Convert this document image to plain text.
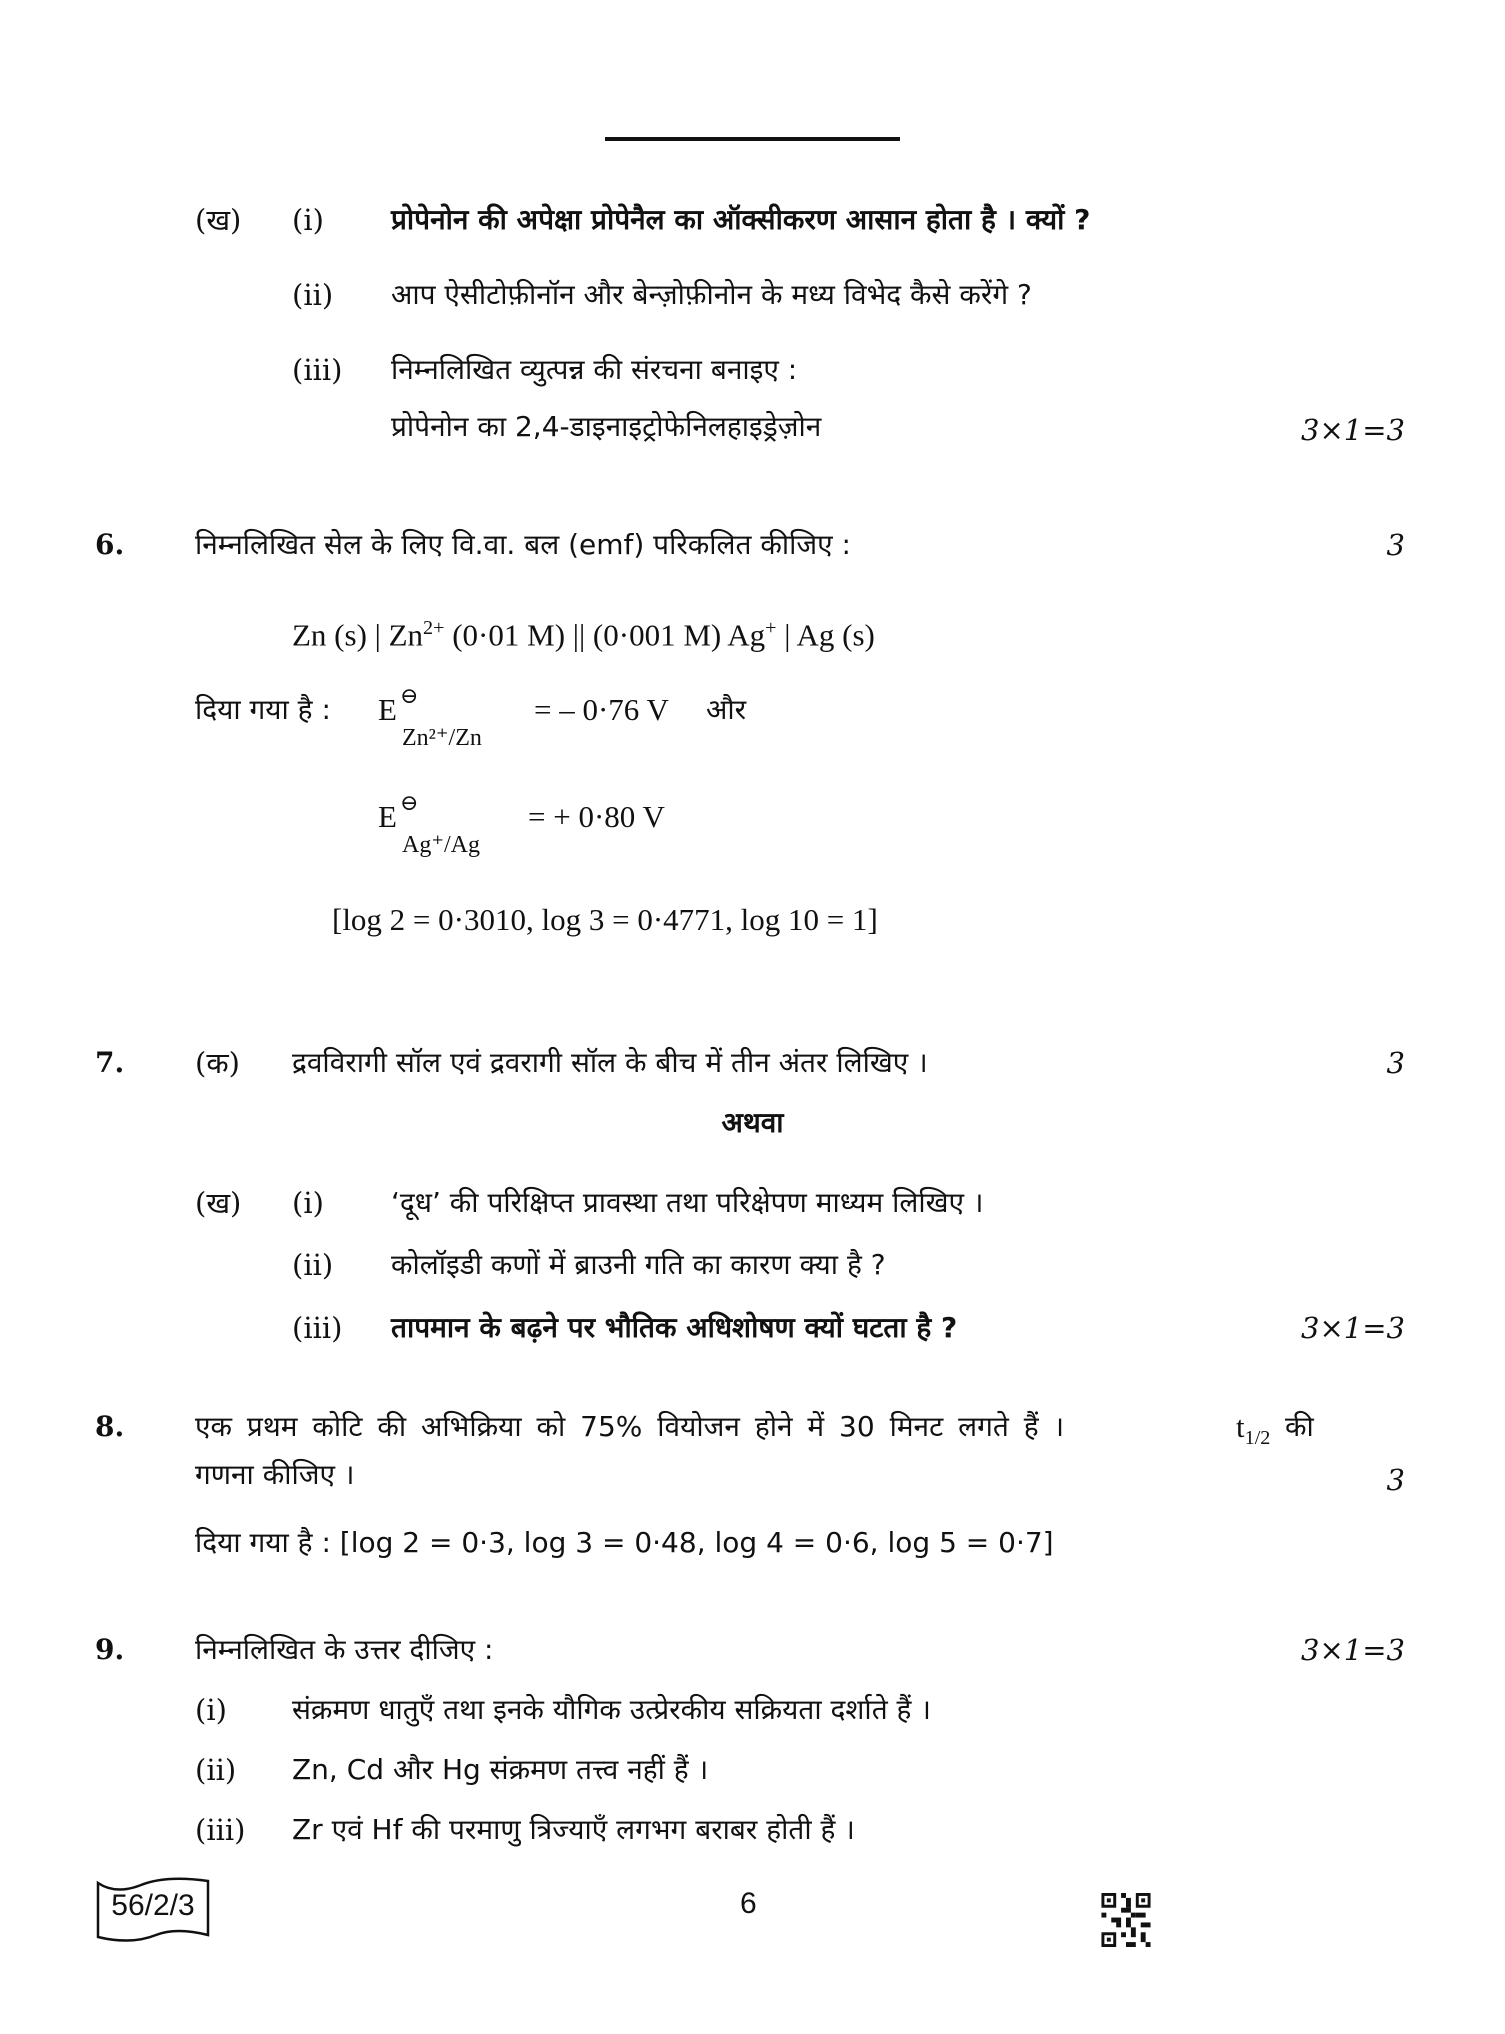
(ख) (i) प्रोपेनोन की अपेक्षा प्रोपेनैल का ऑक्सीकरण आसान होता है । क्यों ?
(ii) आप ऐसीटोफ़ीनॉन और बेन्ज़ोफ़ीनोन के मध्य विभेद कैसे करेंगे ?
(iii) निम्नलिखित व्युत्पन्न की संरचना बनाइए :
प्रोपेनोन का 2,4-डाइनाइट्रोफेनिलहाइड्रेज़ोन	3×1=3
6.	निम्नलिखित सेल के लिए वि.वा. बल (emf) परिकलित कीजिए :	3
Zn (s) | $Zn^{2+}$ (0·01 M) || (0·001 M) Ag+ | Ag (s)
दिया गया है : E ⊖
Zn²⁺/Zn
= – 0·76 V और
E ⊖
Ag⁺/Ag
= + 0·80 V
[log 2 = 0·3010, log 3 = 0·4771, log 10 = 1]
7. (क) द्रवविरागी सॉल एवं द्रवरागी सॉल के बीच में तीन अंतर लिखिए ।	3
अथवा
(ख) (i) ‘दूध’ की परिक्षिप्त प्रावस्था तथा परिक्षेपण माध्यम लिखिए ।
(ii) कोलॉइडी कणों में ब्राउनी गति का कारण क्या है ?
(iii) तापमान के बढ़ने पर भौतिक अधिशोषण क्यों घटता है ?	3×1=3
8.	एक प्रथम कोटि की अभिक्रिया को 75% वियोजन होने में 30 मिनट लगते हैं ।	$t_{1/2}$ की
गणना कीजिए ।	3
दिया गया है : [log 2 = 0·3, log 3 = 0·48, log 4 = 0·6, log 5 = 0·7]
9.	निम्नलिखित के उत्तर दीजिए :	3×1=3
(i) संक्रमण धातुएँ तथा इनके यौगिक उत्प्रेरकीय सक्रियता दर्शाते हैं ।
(ii) Zn, Cd और Hg संक्रमण तत्त्व नहीं हैं ।
(iii) Zr एवं Hf की परमाणु त्रिज्याएँ लगभग बराबर होती हैं ।
56/2/3	6
